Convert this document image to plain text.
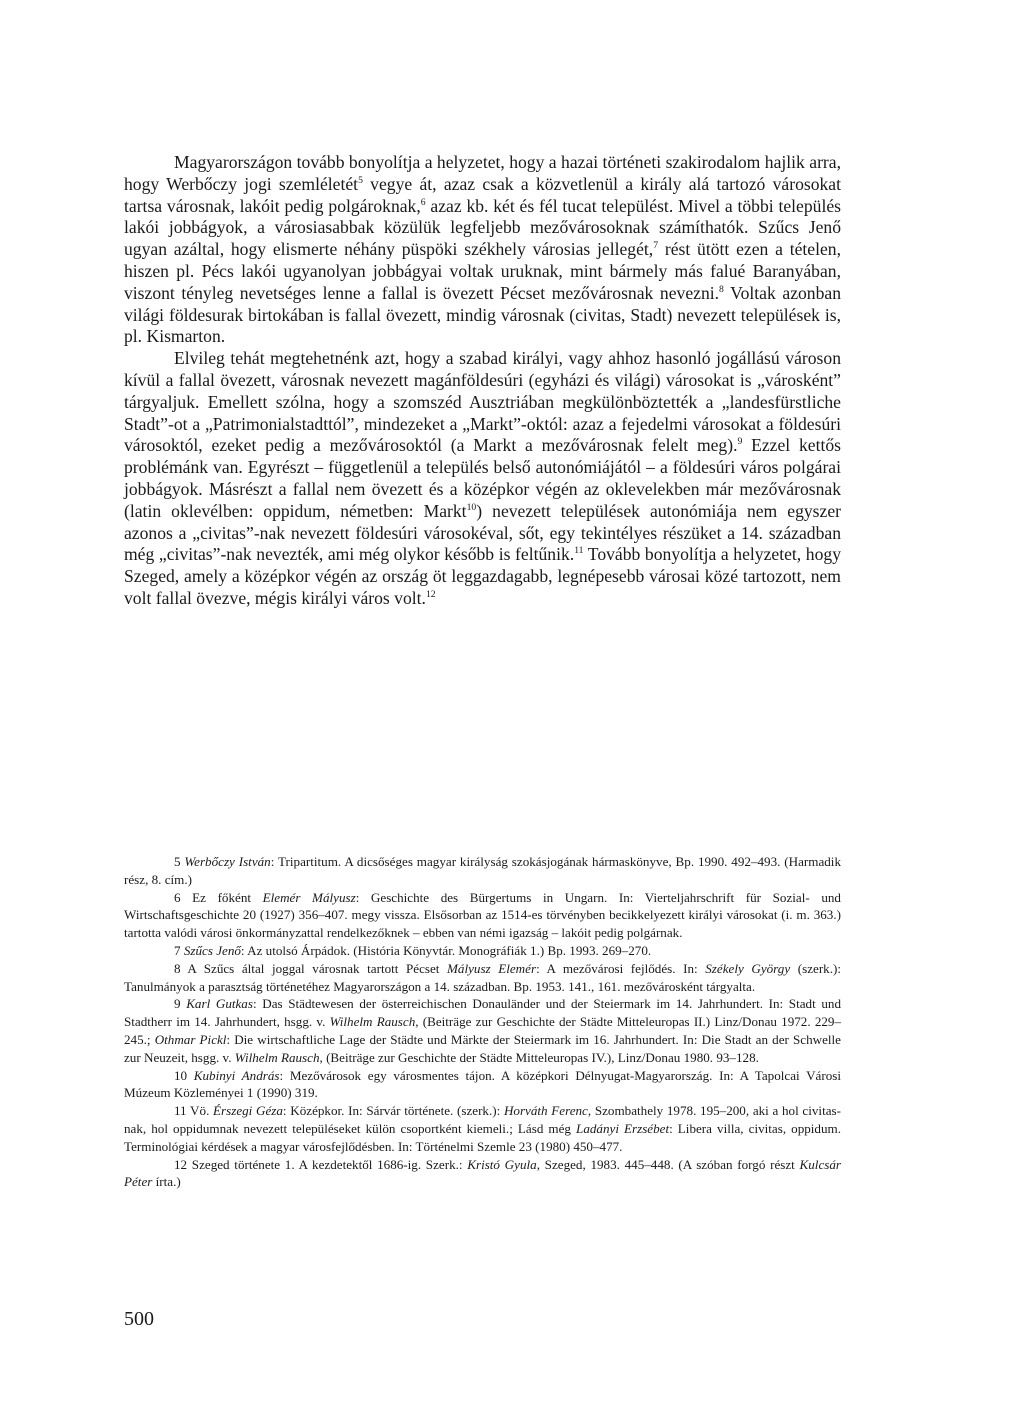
Magyarországon tovább bonyolítja a helyzetet, hogy a hazai történeti szakirodalom hajlik arra, hogy Werbőczy jogi szemléletét$^5$ vegye át, azaz csak a közvetlenül a király alá tartozó városokat tartsa városnak, lakóit pedig polgároknak,$^6$ azaz kb. két és fél tucat települést. Mivel a többi település lakói jobbágyok, a városiasabbak közülük legfeljebb mezővárosoknak számíthatók. Szűcs Jenő ugyan azáltal, hogy elismerte néhány püspöki székhely városias jellegét,$^7$ rést ütött ezen a tételen, hiszen pl. Pécs lakói ugyanolyan jobbágyai voltak uruknak, mint bármely más falué Baranyában, viszont tényleg nevetséges lenne a fallal is övezett Pécset mezővárosnak nevezni.$^8$ Voltak azonban világi földesurak birtokában is fallal övezett, mindig városnak (civitas, Stadt) nevezett települések is, pl. Kismarton.

Elvileg tehát megtehetnénk azt, hogy a szabad királyi, vagy ahhoz hasonló jogállású városon kívül a fallal övezett, városnak nevezett magánföldesúri (egyházi és világi) városokat is „városként” tárgyaljuk. Emellett szólna, hogy a szomszéd Ausztriában megkülönböztették a „landesfürstliche Stadt”-ot a „Patrimonialstadttól”, mindezeket a „Markt”-októl: azaz a fejedelmi városokat a földesúri városoktól, ezeket pedig a mezővárosoktól (a Markt a mezővárosnak felelt meg).$^9$ Ezzel kettős problémánk van. Egyrészt – függetlenül a település belső autonómiájától – a földesúri város polgárai jobbágyok. Másrészt a fallal nem övezett és a középkor végén az oklevelekben már mezővárosnak (latin oklevélben: oppidum, németben: Markt$^{10}$) nevezett települések autonómiája nem egyszer azonos a „civitas”-nak nevezett földesúri városokéval, sőt, egy tekintélyes részüket a 14. században még „civitas”-nak nevezték, ami még olykor később is feltűnik.$^{11}$ Tovább bonyolítja a helyzetet, hogy Szeged, amely a középkor végén az ország öt leggazdagabb, legnépesebb városai közé tartozott, nem volt fallal övezve, mégis királyi város volt.$^{12}$

5 Werbőczy István: Tripartitum. A dicsőséges magyar királyság szokásjogának hármaskönyve, Bp. 1990. 492–493. (Harmadik rész, 8. cím.)

6 Ez főként Elemér Mályusz: Geschichte des Bürgertums in Ungarn. In: Vierteljahrschrift für Sozial- und Wirtschaftsgeschichte 20 (1927) 356–407. megy vissza. Elsősorban az 1514-es törvényben becikkelyezett királyi városokat (i. m. 363.) tartotta valódi városi önkormányzattal rendelkezőknek – ebben van némi igazság – lakóit pedig polgárnak.

7 Szűcs Jenő: Az utolsó Árpádok. (História Könyvtár. Monográfiák 1.) Bp. 1993. 269–270.

8 A Szűcs által joggal városnak tartott Pécset Mályusz Elemér: A mezővárosi fejlődés. In: Székely György (szerk.): Tanulmányok a parasztság történetéhez Magyarországon a 14. században. Bp. 1953. 141., 161. mezővárosként tárgyalta.

9 Karl Gutkas: Das Städtewesen der österreichischen Donauländer und der Steiermark im 14. Jahrhundert. In: Stadt und Stadtherr im 14. Jahrhundert, hsgg. v. Wilhelm Rausch, (Beiträge zur Geschichte der Städte Mitteleuropas II.) Linz/Donau 1972. 229–245.; Othmar Pickl: Die wirtschaftliche Lage der Städte und Märkte der Steiermark im 16. Jahrhundert. In: Die Stadt an der Schwelle zur Neuzeit, hsgg. v. Wilhelm Rausch, (Beiträge zur Geschichte der Städte Mitteleuropas IV.), Linz/Donau 1980. 93–128.

10 Kubinyi András: Mezővárosok egy városmentes tájon. A középkori Délnyugat-Magyarország. In: A Tapolcai Városi Múzeum Közleményei 1 (1990) 319.

11 Vö. Érszegi Géza: Középkor. In: Sárvár története. (szerk.): Horváth Ferenc, Szombathely 1978. 195–200, aki a hol civitas-nak, hol oppidumnak nevezett településeket külön csoportként kiemeli.; Lásd még Ladányi Erzsébet: Libera villa, civitas, oppidum. Terminológiai kérdések a magyar városfejlődésben. In: Történelmi Szemle 23 (1980) 450–477.

12 Szeged története 1. A kezdetektől 1686-ig. Szerk.: Kristó Gyula, Szeged, 1983. 445–448. (A szóban forgó részt Kulcsár Péter írta.)

500
